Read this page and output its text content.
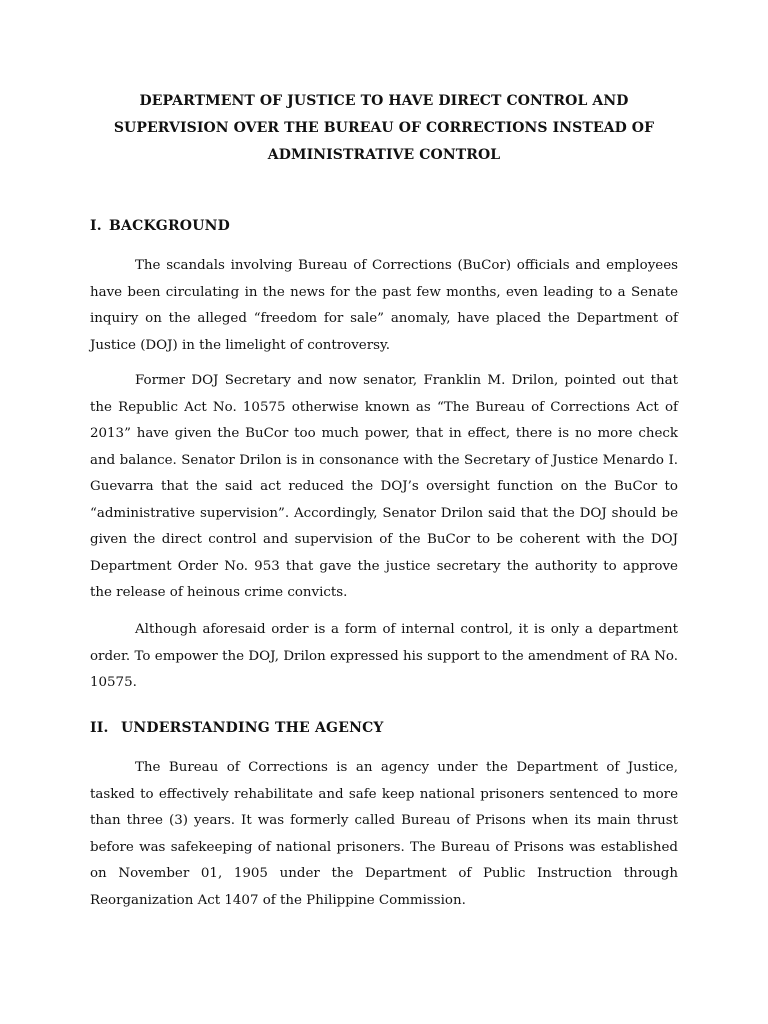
DEPARTMENT OF JUSTICE TO HAVE DIRECT CONTROL AND SUPERVISION OVER THE BUREAU OF CORRECTIONS INSTEAD OF ADMINISTRATIVE CONTROL
I. BACKGROUND

The scandals involving Bureau of Corrections (BuCor) officials and employees have been circulating in the news for the past few months, even leading to a Senate inquiry on the alleged “freedom for sale” anomaly, have placed the Department of Justice (DOJ) in the limelight of controversy.

Former DOJ Secretary and now senator, Franklin M. Drilon, pointed out that the Republic Act No. 10575 otherwise known as “The Bureau of Corrections Act of 2013” have given the BuCor too much power, that in effect, there is no more check and balance. Senator Drilon is in consonance with the Secretary of Justice Menardo I. Guevarra that the said act reduced the DOJ’s oversight function on the BuCor to “administrative supervision”. Accordingly, Senator Drilon said that the DOJ should be given the direct control and supervision of the BuCor to be coherent with the DOJ Department Order No. 953 that gave the justice secretary the authority to approve the release of heinous crime convicts.

Although aforesaid order is a form of internal control, it is only a department order. To empower the DOJ, Drilon expressed his support to the amendment of RA No. 10575.

II. UNDERSTANDING THE AGENCY

The Bureau of Corrections is an agency under the Department of Justice, tasked to effectively rehabilitate and safe keep national prisoners sentenced to more than three (3) years. It was formerly called Bureau of Prisons when its main thrust before was safekeeping of national prisoners. The Bureau of Prisons was established on November 01, 1905 under the Department of Public Instruction through Reorganization Act 1407 of the Philippine Commission.
